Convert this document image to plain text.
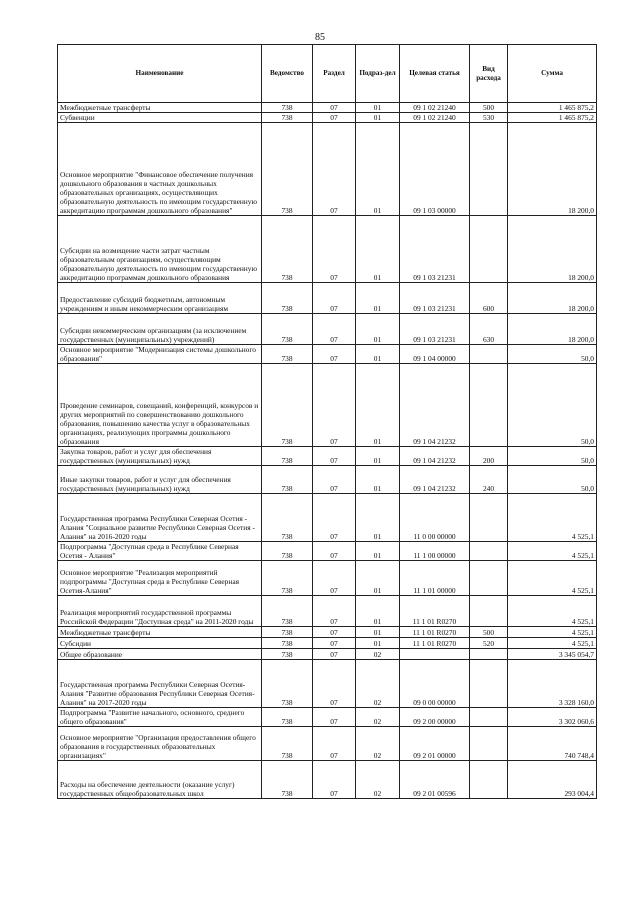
85
Наименование	Ведомство	Раздел	Подраз-дел	Целевая статья	Вид расхода	Сумма
Межбюджетные трансферты	738	07	01	09 1 02 21240	500	1 465 875,2
Субвенции	738	07	01	09 1 02 21240	530	1 465 875,2
Основное мероприятие "Финансовое обеспечение получения дошкольного образования в частных дошкольных образовательных организациях, осуществляющих образовательную деятельность по имеющим государственную аккредитацию программам дошкольного образования"	738	07	01	09 1 03 00000		18 200,0
Субсидии на возмещение части затрат частным образовательным организациям, осуществляющим образовательную деятельность по имеющим государственную аккредитацию программам дошкольного образования	738	07	01	09 1 03 21231		18 200,0
Предоставление субсидий бюджетным, автономным учреждениям и иным некоммерческим организациям	738	07	01	09 1 03 21231	600	18 200,0
Субсидии некоммерческим организациям (за исключением государственных (муниципальных) учреждений)	738	07	01	09 1 03 21231	630	18 200,0
Основное мероприятие "Модернизация системы дошкольного образования"	738	07	01	09 1 04 00000		50,0
Проведение семинаров, совещаний, конференций, конкурсов и других мероприятий по совершенствованию дошкольного образования, повышению качества услуг в образовательных организациях, реализующих программы дошкольного образования	738	07	01	09 1 04 21232		50,0
Закупка товаров, работ и услуг для обеспечения государственных (муниципальных) нужд	738	07	01	09 1 04 21232	200	50,0
Иные закупки товаров, работ и услуг для обеспечения государственных (муниципальных) нужд	738	07	01	09 1 04 21232	240	50,0
Государственная программа Республики Северная Осетия - Алания "Социальное развитие Республики Северная Осетия - Алания" на 2016-2020 годы	738	07	01	11 0 00 00000		4 525,1
Подпрограмма "Доступная среда в Республике Северная Осетия - Алания"	738	07	01	11 1 00 00000		4 525,1
Основное мероприятие "Реализация мероприятий подпрограммы "Доступная среда в Республике Северная Осетия-Алания"	738	07	01	11 1 01 00000		4 525,1
Реализация мероприятий государственной программы Российской Федерации "Доступная среда" на 2011-2020 годы	738	07	01	11 1 01 R0270		4 525,1
Межбюджетные трансферты	738	07	01	11 1 01 R0270	500	4 525,1
Субсидии	738	07	01	11 1 01 R0270	520	4 525,1
Общее образование	738	07	02			3 345 054,7
Государственная программа Республики Северная Осетия-Алания "Развитие образования Республики Северная Осетия-Алания" на 2017-2020 годы	738	07	02	09 0 00 00000		3 328 160,0
Подпрограмма "Развитие начального, основного, среднего общего образования"	738	07	02	09 2 00 00000		3 302 060,6
Основное мероприятие "Организация предоставления общего образования в государственных образовательных организациях"	738	07	02	09 2 01 00000		740 748,4
Расходы на обеспечение деятельности (оказание услуг) государственных общеобразовательных школ	738	07	02	09 2 01 00596		293 004,4
